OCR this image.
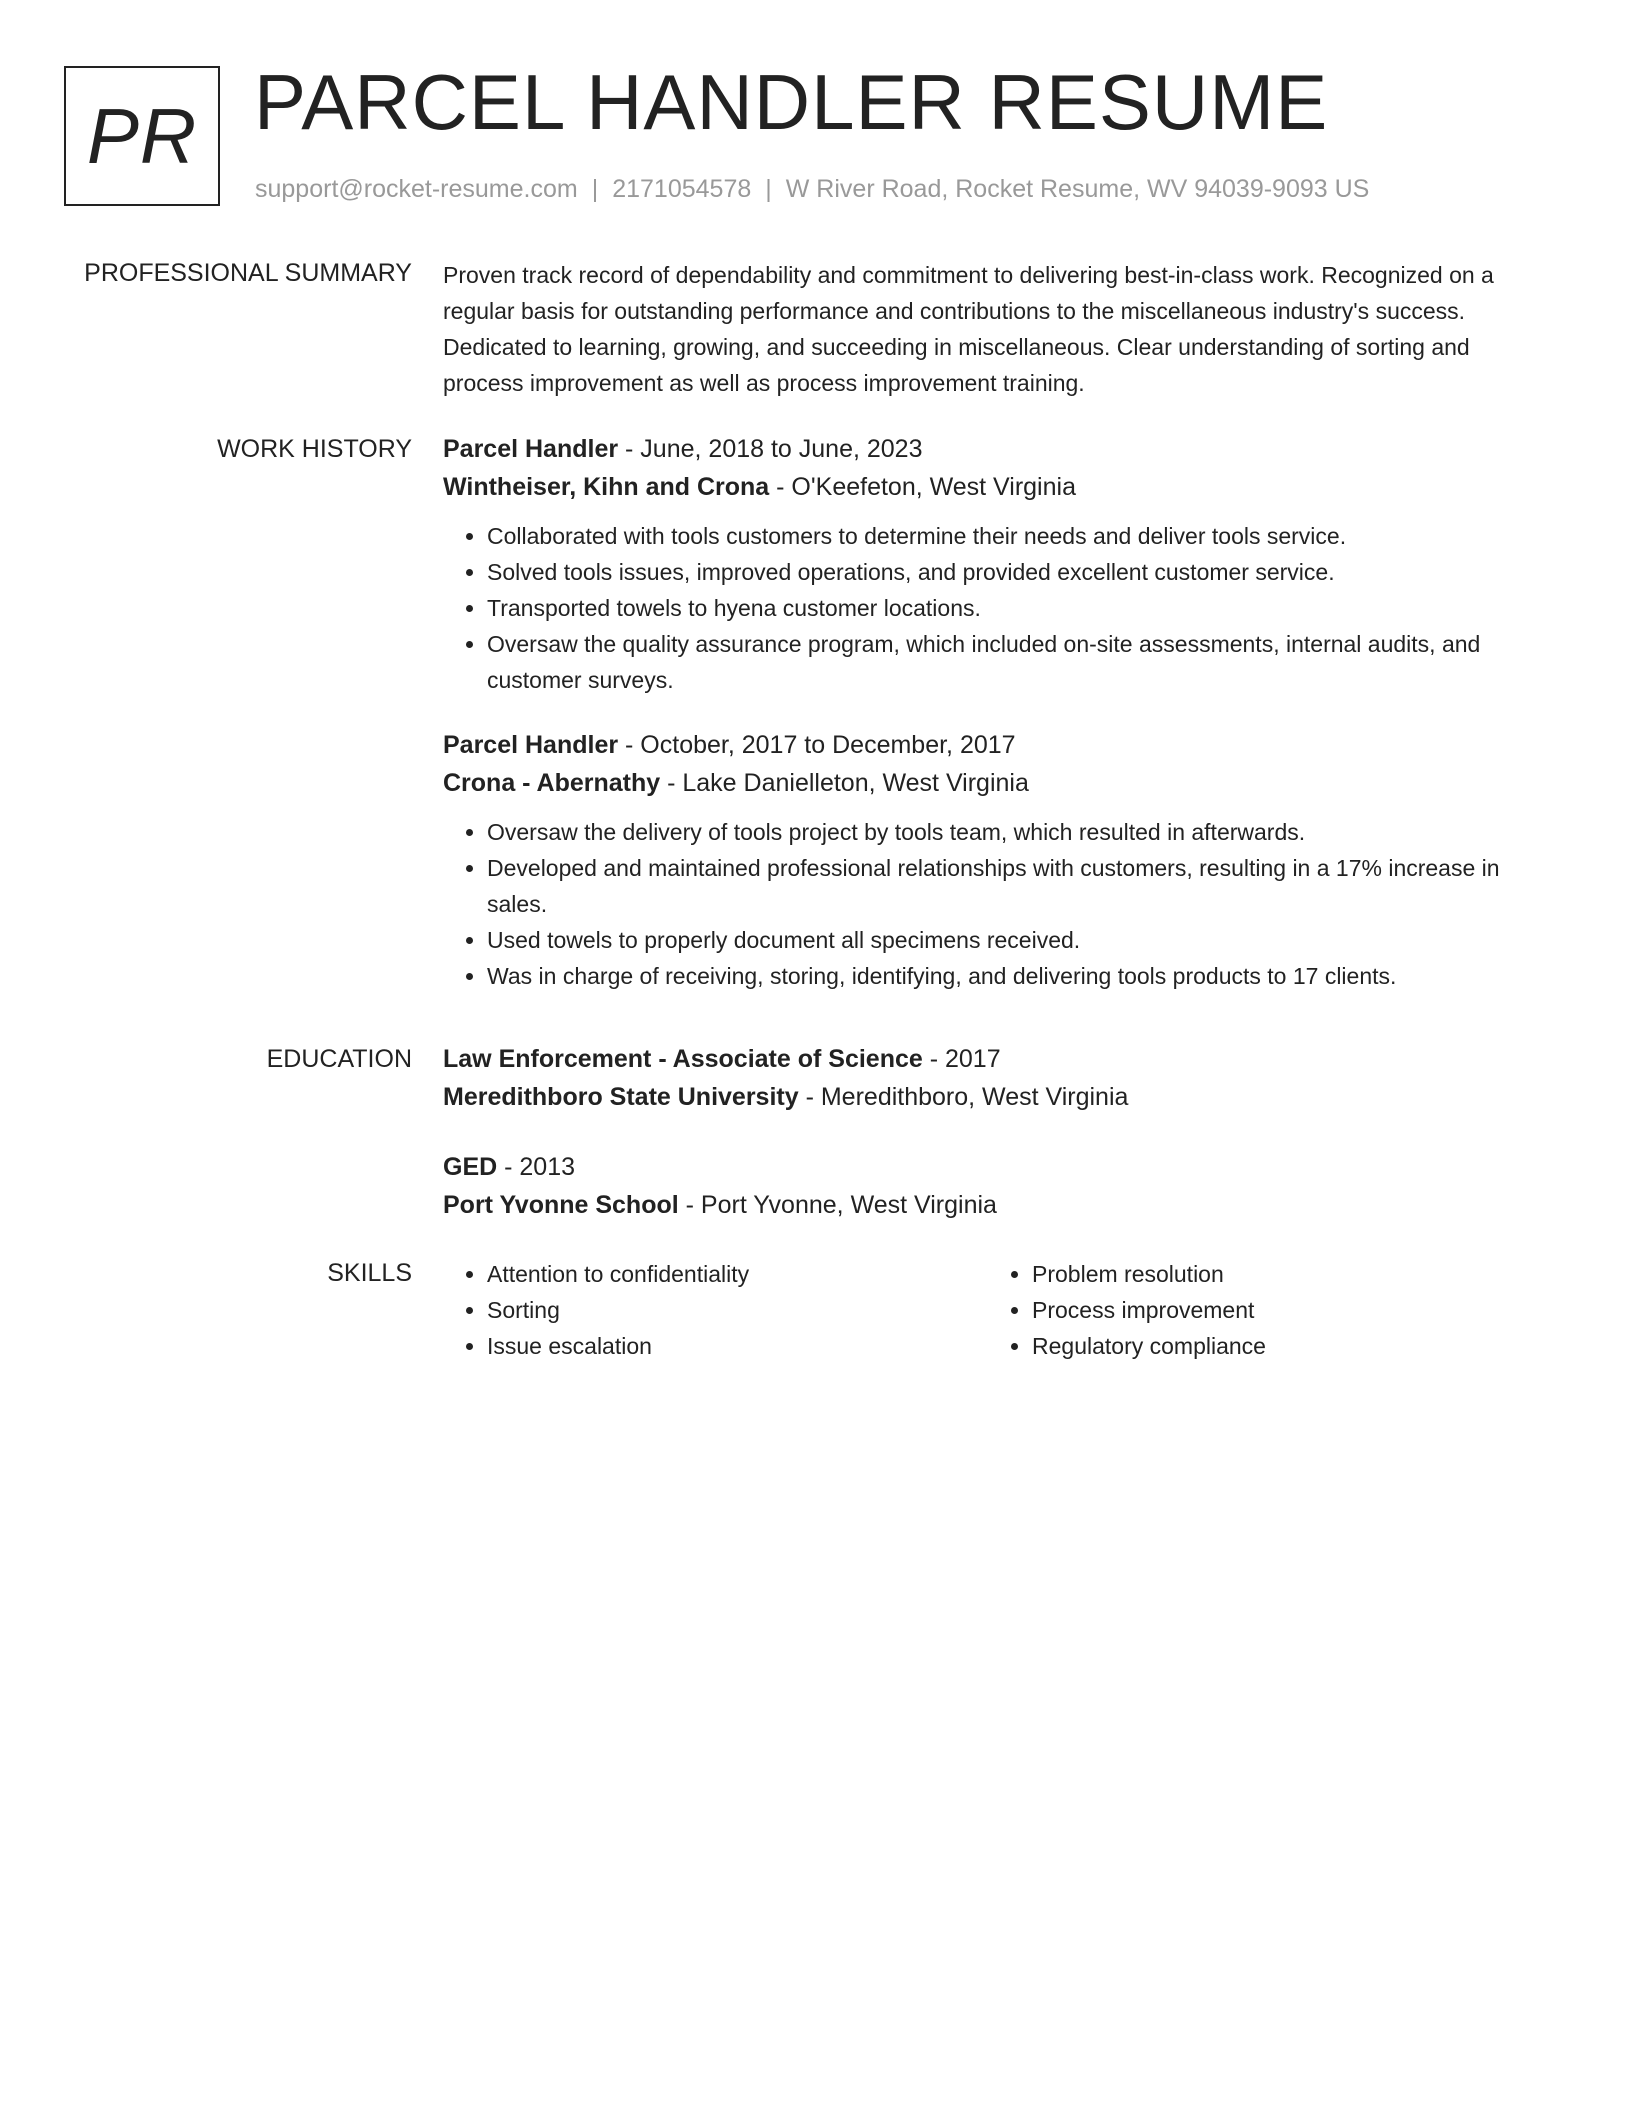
PR PARCEL HANDLER RESUME
support@rocket-resume.com | 2171054578 | W River Road, Rocket Resume, WV 94039-9093 US
PROFESSIONAL SUMMARY Proven track record of dependability and commitment to delivering best-in-class work. Recognized on a regular basis for outstanding performance and contributions to the miscellaneous industry's success. Dedicated to learning, growing, and succeeding in miscellaneous. Clear understanding of sorting and process improvement as well as process improvement training.

WORK HISTORY Parcel Handler - June, 2018 to June, 2023

Wintheiser, Kihn and Crona - O'Keefeton, West Virginia

• Collaborated with tools customers to determine their needs and deliver tools service.
• Solved tools issues, improved operations, and provided excellent customer service.
• Transported towels to hyena customer locations.
• Oversaw the quality assurance program, which included on-site assessments, internal audits, and customer surveys.

Parcel Handler - October, 2017 to December, 2017

Crona - Abernathy - Lake Danielleton, West Virginia

• Oversaw the delivery of tools project by tools team, which resulted in afterwards.
• Developed and maintained professional relationships with customers, resulting in a 17% increase in sales.
• Used towels to properly document all specimens received.
• Was in charge of receiving, storing, identifying, and delivering tools products to 17 clients.
EDUCATION Law Enforcement - Associate of Science - 2017

Meredithboro State University - Meredithboro, West Virginia

GED - 2013

Port Yvonne School - Port Yvonne, West Virginia

SKILLS
•	Attention to confidentiality
• Sorting
• Issue escalation
• Problem resolution
• Process improvement
• Regulatory compliance
